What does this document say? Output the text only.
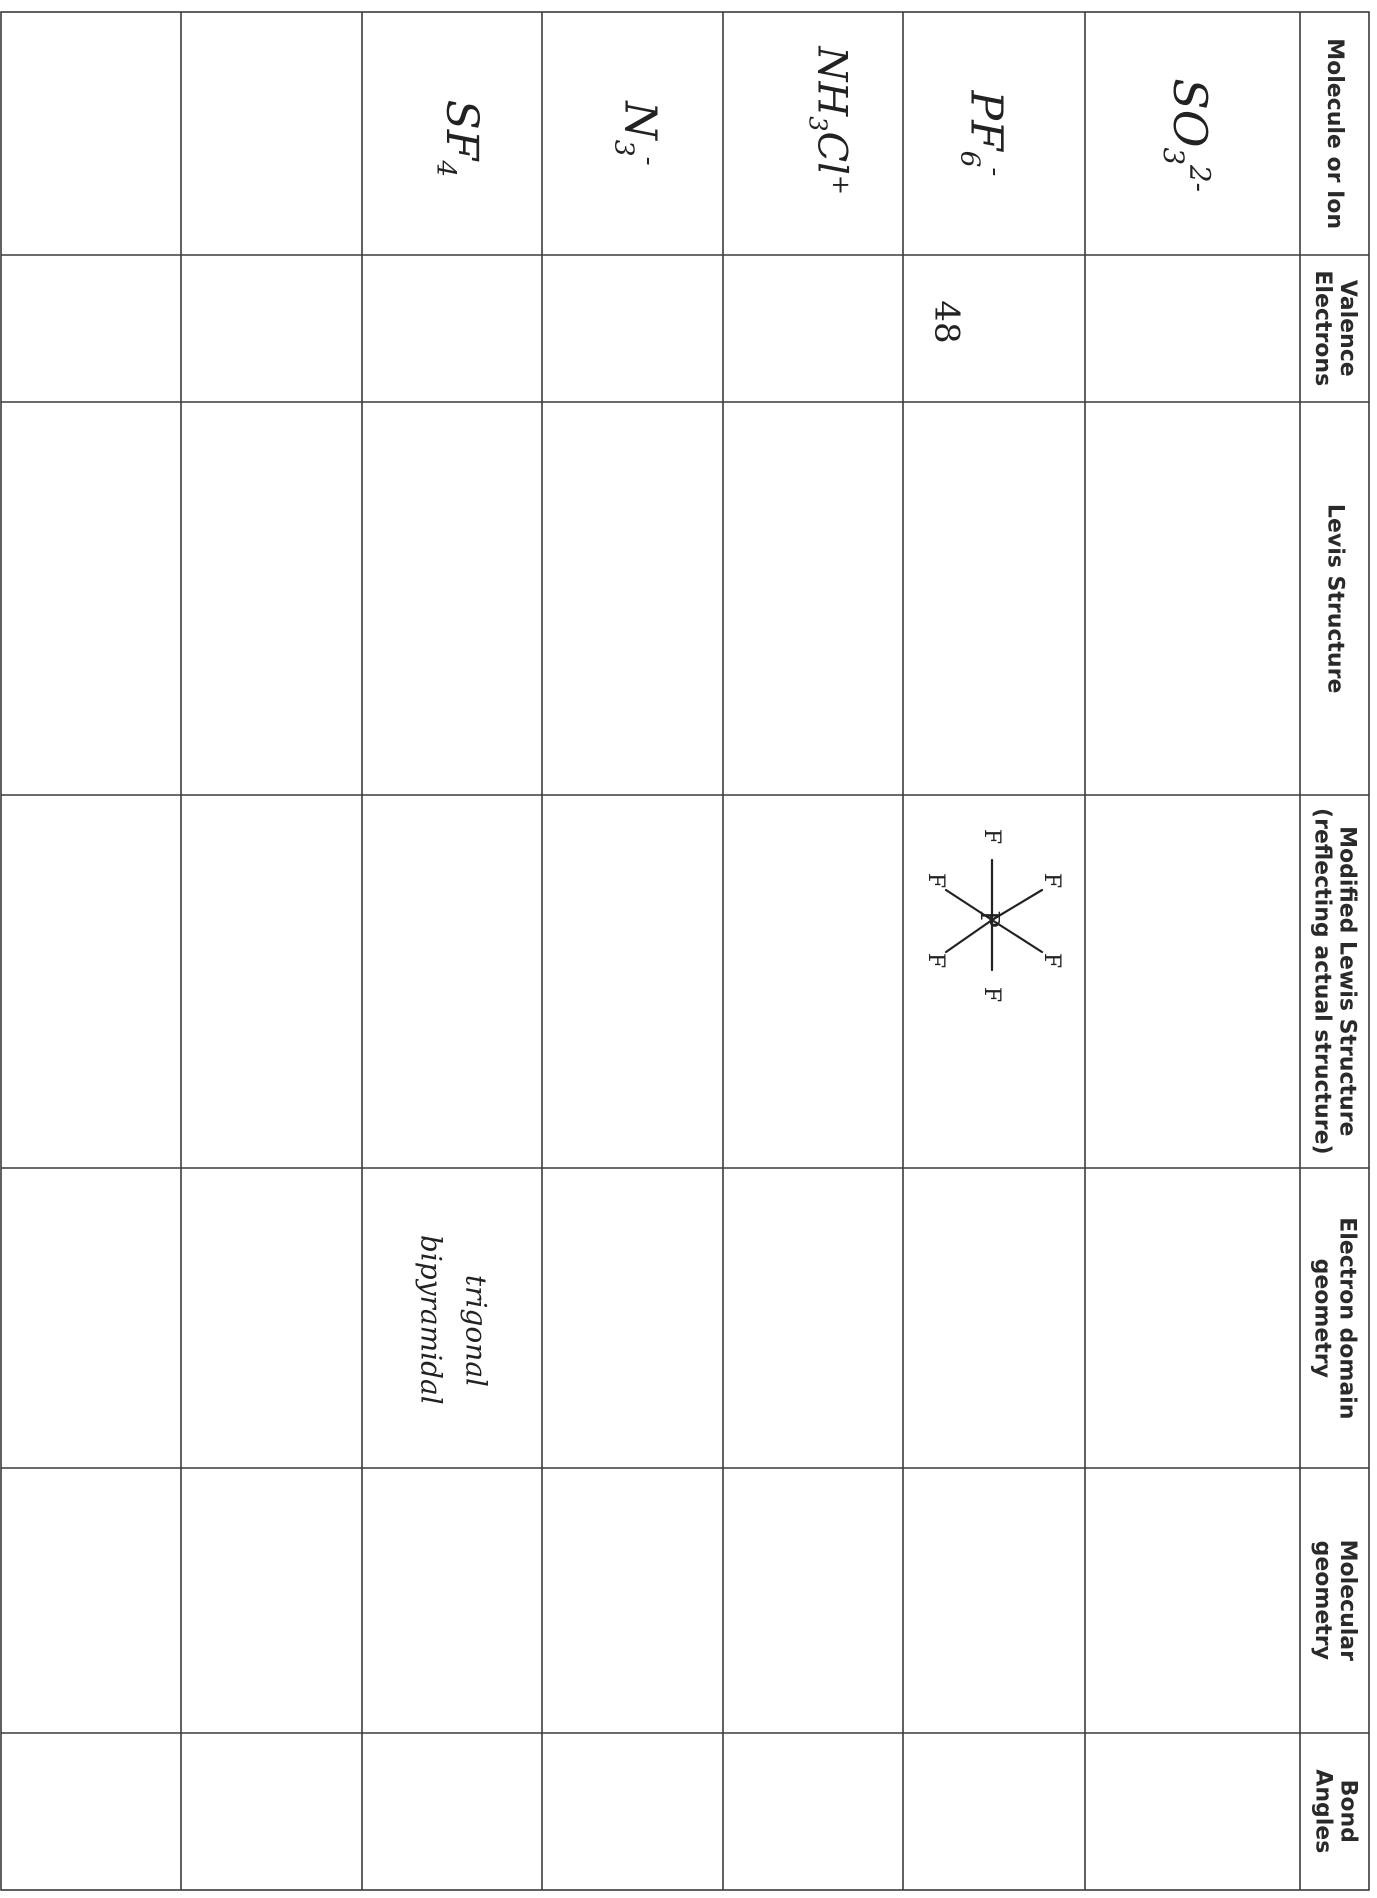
Molecule or Ion
Valence
Electrons
Levis Structure
Modified Lewis Structure
(reflecting actual structure)
Electron domain
geometry
Molecular
geometry
Bond
Angles
$SO_3^{2-}$
$PF_6^-$
$NH_3Cl^+$
$N_3^-$
$SF_4$
48
P
F
F
F
F
F
F
trigonal
bipyramidal
